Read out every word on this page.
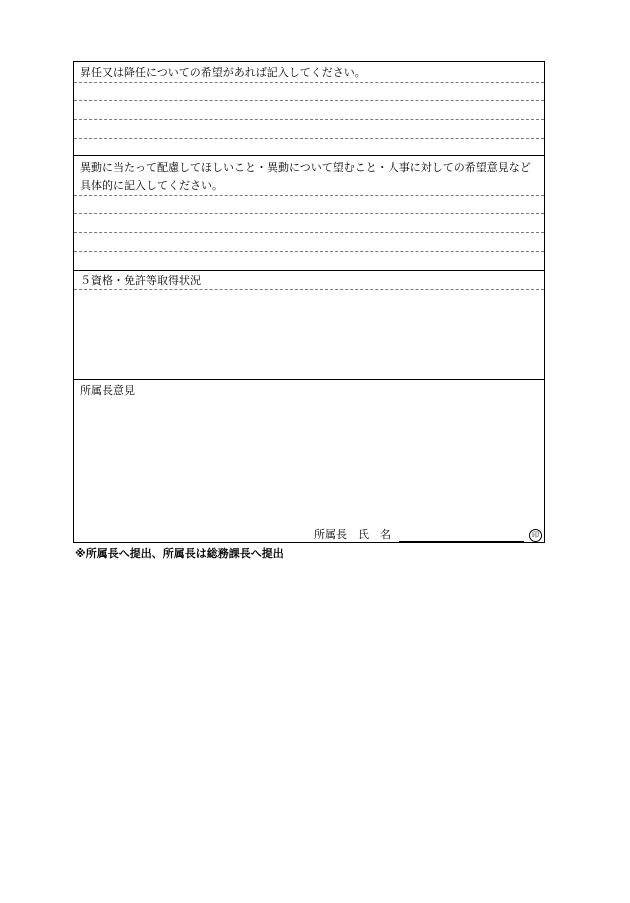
昇任又は降任についての希望があれば記入してください。
異動に当たって配慮してほしいこと・異動について望むこと・人事に対しての希望意見など
具体的に記入してください。
５資格・免許等取得状況
所属長意見
所属長　氏　名	印
※所属長へ提出、所属長は総務課長へ提出
